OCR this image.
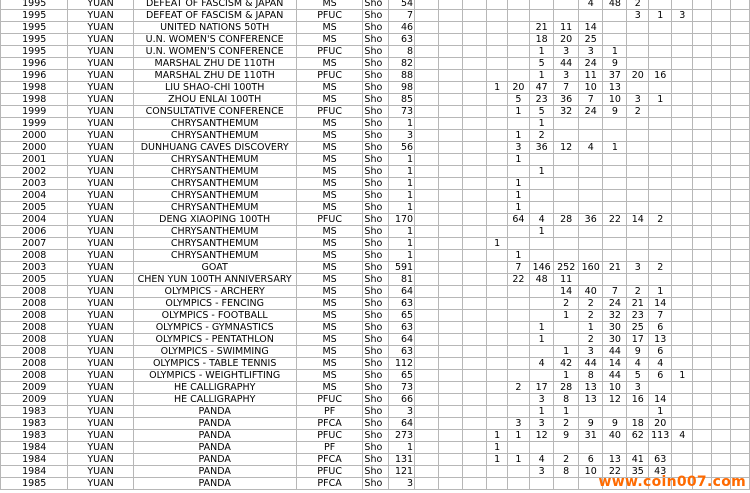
1995	YUAN	DEFEAT OF FASCISM & JAPAN	MS	Sho	54								4	48	2					
1995	YUAN	DEFEAT OF FASCISM & JAPAN	PFUC	Sho	7										3	1	3			
1995	YUAN	UNITED NATIONS 50TH	MS	Sho	46						21	11	14							
1995	YUAN	U.N. WOMEN'S CONFERENCE	MS	Sho	63						18	20	25							
1995	YUAN	U.N. WOMEN'S CONFERENCE	PFUC	Sho	8						1	3	3	1						
1996	YUAN	MARSHAL ZHU DE 110TH	MS	Sho	82						5	44	24	9						
1996	YUAN	MARSHAL ZHU DE 110TH	PFUC	Sho	88						1	3	11	37	20	16				
1998	YUAN	LIU SHAO-CHI 100TH	MS	Sho	98				1	20	47	7	10	13						
1998	YUAN	ZHOU ENLAI 100TH	MS	Sho	85					5	23	36	7	10	3	1				
1999	YUAN	CONSULTATIVE CONFERENCE	PFUC	Sho	73					1	5	32	24	9	2					
1999	YUAN	CHRYSANTHEMUM	MS	Sho	1						1									
2000	YUAN	CHRYSANTHEMUM	MS	Sho	3					1	2									
2000	YUAN	DUNHUANG CAVES DISCOVERY	MS	Sho	56					3	36	12	4	1						
2001	YUAN	CHRYSANTHEMUM	MS	Sho	1					1										
2002	YUAN	CHRYSANTHEMUM	MS	Sho	1						1									
2003	YUAN	CHRYSANTHEMUM	MS	Sho	1					1										
2004	YUAN	CHRYSANTHEMUM	MS	Sho	1					1										
2005	YUAN	CHRYSANTHEMUM	MS	Sho	1					1										
2004	YUAN	DENG XIAOPING 100TH	PFUC	Sho	170					64	4	28	36	22	14	2				
2006	YUAN	CHRYSANTHEMUM	MS	Sho	1						1									
2007	YUAN	CHRYSANTHEMUM	MS	Sho	1				1											
2008	YUAN	CHRYSANTHEMUM	MS	Sho	1					1										
2003	YUAN	GOAT	MS	Sho	591					7	146	252	160	21	3	2				
2005	YUAN	CHEN YUN 100TH ANNIVERSARY	MS	Sho	81					22	48	11								
2008	YUAN	OLYMPICS - ARCHERY	MS	Sho	64							14	40	7	2	1				
2008	YUAN	OLYMPICS - FENCING	MS	Sho	63							2	2	24	21	14				
2008	YUAN	OLYMPICS - FOOTBALL	MS	Sho	65							1	2	32	23	7				
2008	YUAN	OLYMPICS - GYMNASTICS	MS	Sho	63						1		1	30	25	6				
2008	YUAN	OLYMPICS - PENTATHLON	MS	Sho	64						1		2	30	17	13				
2008	YUAN	OLYMPICS - SWIMMING	MS	Sho	63							1	3	44	9	6				
2008	YUAN	OLYMPICS - TABLE TENNIS	MS	Sho	112						4	42	44	14	4	4				
2008	YUAN	OLYMPICS - WEIGHTLIFTING	MS	Sho	65							1	8	44	5	6	1			
2009	YUAN	HE CALLIGRAPHY	MS	Sho	73					2	17	28	13	10	3					
2009	YUAN	HE CALLIGRAPHY	PFUC	Sho	66						3	8	13	12	16	14				
1983	YUAN	PANDA	PF	Sho	3						1	1				1				
1983	YUAN	PANDA	PFCA	Sho	64					3	3	2	9	9	18	20				
1983	YUAN	PANDA	PFUC	Sho	273				1	1	12	9	31	40	62	113	4			
1984	YUAN	PANDA	PF	Sho	1				1											
1984	YUAN	PANDA	PFCA	Sho	131				1	1	4	2	6	13	41	63				
1984	YUAN	PANDA	PFUC	Sho	121						3	8	10	22	35	43				
1985	YUAN	PANDA	PFCA	Sho	3																www.coin007.com
